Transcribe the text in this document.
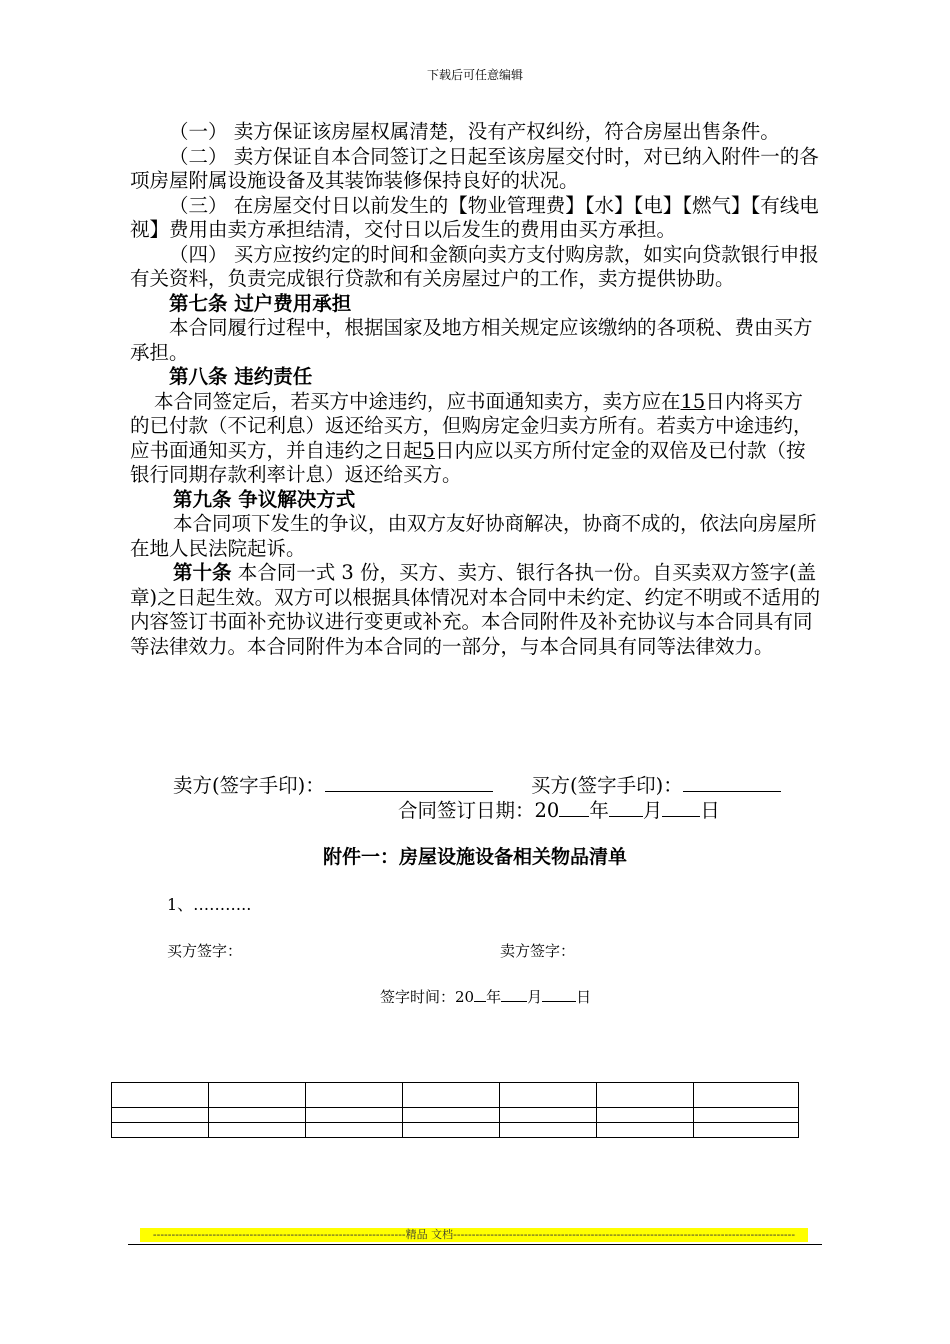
下载后可任意编辑

（一） 卖方保证该房屋权属清楚，没有产权纠纷，符合房屋出售条件。

（二） 卖方保证自本合同签订之日起至该房屋交付时，对已纳入附件一的各项房屋附属设施设备及其装饰装修保持良好的状况。

（三） 在房屋交付日以前发生的【物业管理费】【水】【电】【燃气】【有线电视】费用由卖方承担结清，交付日以后发生的费用由买方承担。

（四） 买方应按约定的时间和金额向卖方支付购房款，如实向贷款银行申报有关资料，负责完成银行贷款和有关房屋过户的工作，卖方提供协助。

第七条 过户费用承担

本合同履行过程中，根据国家及地方相关规定应该缴纳的各项税、费由买方承担。

第八条 违约责任

本合同签定后，若买方中途违约，应书面通知卖方，卖方应在15日内将买方的已付款（不记利息）返还给买方，但购房定金归卖方所有。若卖方中途违约，应书面通知买方，并自违约之日起5日内应以买方所付定金的双倍及已付款（按银行同期存款利率计息）返还给买方。

第九条 争议解决方式

本合同项下发生的争议，由双方友好协商解决，协商不成的，依法向房屋所在地人民法院起诉。

第十条 本合同一式 3 份，买方、卖方、银行各执一份。自买卖双方签字(盖章)之日起生效。双方可以根据具体情况对本合同中未约定、约定不明或不适用的内容签订书面补充协议进行变更或补充。本合同附件及补充协议与本合同具有同等法律效力。本合同附件为本合同的一部分，与本合同具有同等法律效力。

卖方(签字手印)：	买方(签字手印)：
合同签订日期：20 年 月 日
附件一：房屋设施设备相关物品清单
1、………..
买方签字：	卖方签字：
签字时间：20 年 月 日

--------------------------------------------------------------------精品 文档--------------------------------------------------------------------------------------------
